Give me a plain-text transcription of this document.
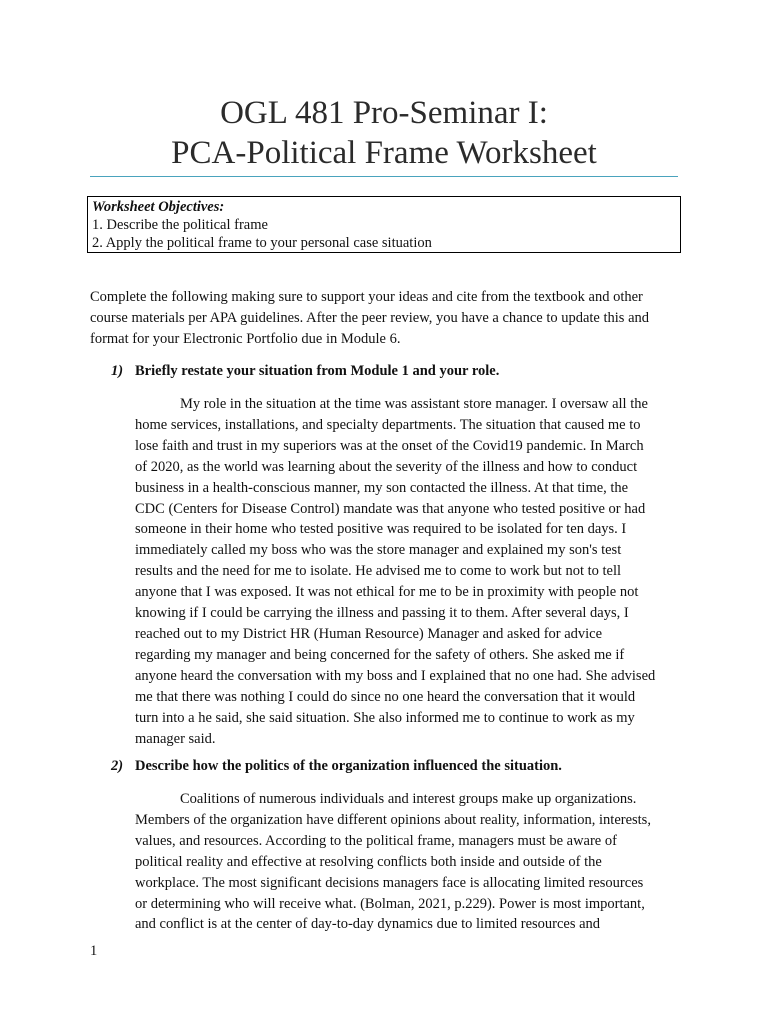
OGL 481 Pro-Seminar I:
PCA-Political Frame Worksheet
Worksheet Objectives:
1. Describe the political frame
2. Apply the political frame to your personal case situation

Complete the following making sure to support your ideas and cite from the textbook and other

course materials per APA guidelines. After the peer review, you have a chance to update this and

format for your Electronic Portfolio due in Module 6.

1) Briefly restate your situation from Module 1 and your role.
My role in the situation at the time was assistant store manager. I oversaw all the
home services, installations, and specialty departments. The situation that caused me to
lose faith and trust in my superiors was at the onset of the Covid19 pandemic. In March
of 2020, as the world was learning about the severity of the illness and how to conduct
business in a health-conscious manner, my son contacted the illness. At that time, the
CDC (Centers for Disease Control) mandate was that anyone who tested positive or had
someone in their home who tested positive was required to be isolated for ten days. I
immediately called my boss who was the store manager and explained my son's test
results and the need for me to isolate. He advised me to come to work but not to tell
anyone that I was exposed. It was not ethical for me to be in proximity with people not
knowing if I could be carrying the illness and passing it to them. After several days, I
reached out to my District HR (Human Resource) Manager and asked for advice
regarding my manager and being concerned for the safety of others. She asked me if
anyone heard the conversation with my boss and I explained that no one had. She advised
me that there was nothing I could do since no one heard the conversation that it would
turn into a he said, she said situation. She also informed me to continue to work as my
manager said.
2) Describe how the politics of the organization influenced the situation.
Coalitions of numerous individuals and interest groups make up organizations.
Members of the organization have different opinions about reality, information, interests,
values, and resources. According to the political frame, managers must be aware of
political reality and effective at resolving conflicts both inside and outside of the
workplace. The most significant decisions managers face is allocating limited resources
or determining who will receive what. (Bolman, 2021, p.229). Power is most important,
and conflict is at the center of day-to-day dynamics due to limited resources and
1
